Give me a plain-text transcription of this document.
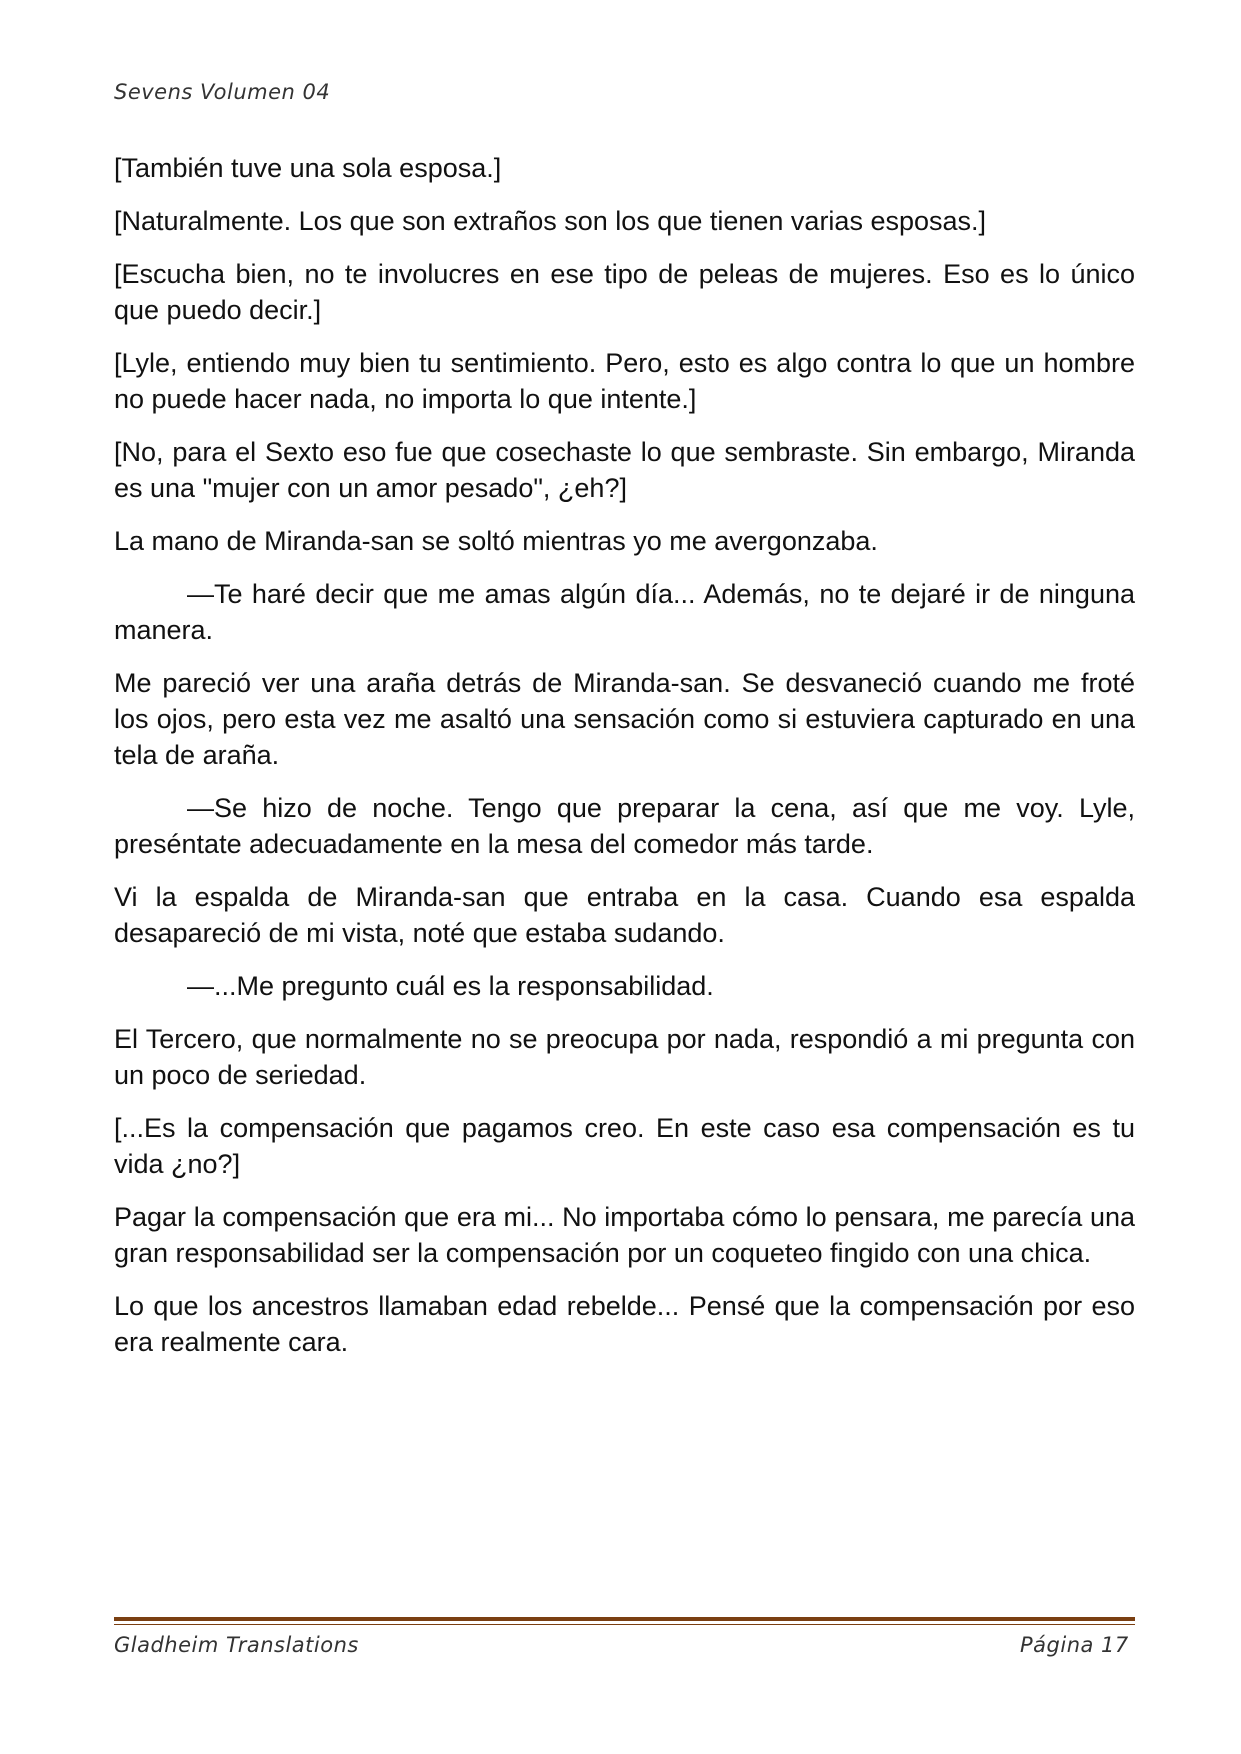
Sevens Volumen 04

[También tuve una sola esposa.]

[Naturalmente. Los que son extraños son los que tienen varias esposas.]

[Escucha bien, no te involucres en ese tipo de peleas de mujeres. Eso es lo único que puedo decir.]

[Lyle, entiendo muy bien tu sentimiento. Pero, esto es algo contra lo que un hombre no puede hacer nada, no importa lo que intente.]

[No, para el Sexto eso fue que cosechaste lo que sembraste. Sin embargo, Miranda es una "mujer con un amor pesado", ¿eh?]

La mano de Miranda-san se soltó mientras yo me avergonzaba.

—Te haré decir que me amas algún día... Además, no te dejaré ir de ninguna manera.

Me pareció ver una araña detrás de Miranda-san. Se desvaneció cuando me froté los ojos, pero esta vez me asaltó una sensación como si estuviera capturado en una tela de araña.

—Se hizo de noche. Tengo que preparar la cena, así que me voy. Lyle, preséntate adecuadamente en la mesa del comedor más tarde.

Vi la espalda de Miranda-san que entraba en la casa. Cuando esa espalda desapareció de mi vista, noté que estaba sudando.

—...Me pregunto cuál es la responsabilidad.

El Tercero, que normalmente no se preocupa por nada, respondió a mi pregunta con un poco de seriedad.

[...Es la compensación que pagamos creo. En este caso esa compensación es tu vida ¿no?]

Pagar la compensación que era mi... No importaba cómo lo pensara, me parecía una gran responsabilidad ser la compensación por un coqueteo fingido con una chica.

Lo que los ancestros llamaban edad rebelde... Pensé que la compensación por eso era realmente cara.

Gladheim Translations	Página 17
